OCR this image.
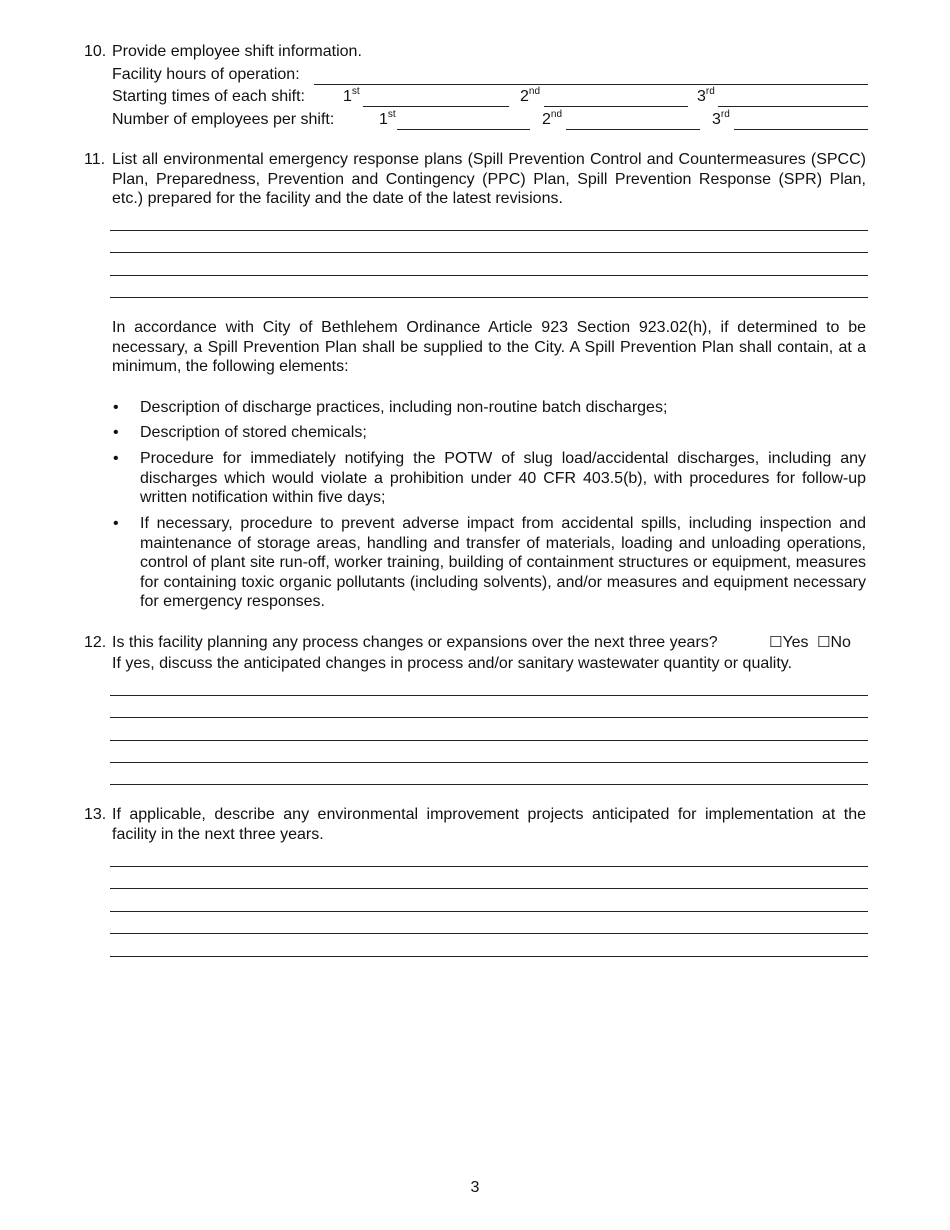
10. Provide employee shift information.
Facility hours of operation:
Starting times of each shift: 1st	2nd	3rd
Number of employees per shift:	1st	2nd	3rd
11. List all environmental emergency response plans (Spill Prevention Control and Countermeasures (SPCC) Plan, Preparedness, Prevention and Contingency (PPC) Plan, Spill Prevention Response (SPR) Plan, etc.) prepared for the facility and the date of the latest revisions.
In accordance with City of Bethlehem Ordinance Article 923 Section 923.02(h), if determined to be necessary, a Spill Prevention Plan shall be supplied to the City. A Spill Prevention Plan shall contain, at a minimum, the following elements:
• Description of discharge practices, including non-routine batch discharges;
• Description of stored chemicals;
• Procedure for immediately notifying the POTW of slug load/accidental discharges, including any discharges which would violate a prohibition under 40 CFR 403.5(b), with procedures for follow-up written notification within five days;
• If necessary, procedure to prevent adverse impact from accidental spills, including inspection and maintenance of storage areas, handling and transfer of materials, loading and unloading operations, control of plant site run-off, worker training, building of containment structures or equipment, measures for containing toxic organic pollutants (including solvents), and/or measures and equipment necessary for emergency responses.
12. Is this facility planning any process changes or expansions over the next three years?	☐Yes ☐No
If yes, discuss the anticipated changes in process and/or sanitary wastewater quantity or quality.
13. If applicable, describe any environmental improvement projects anticipated for implementation at the facility in the next three years.
3
